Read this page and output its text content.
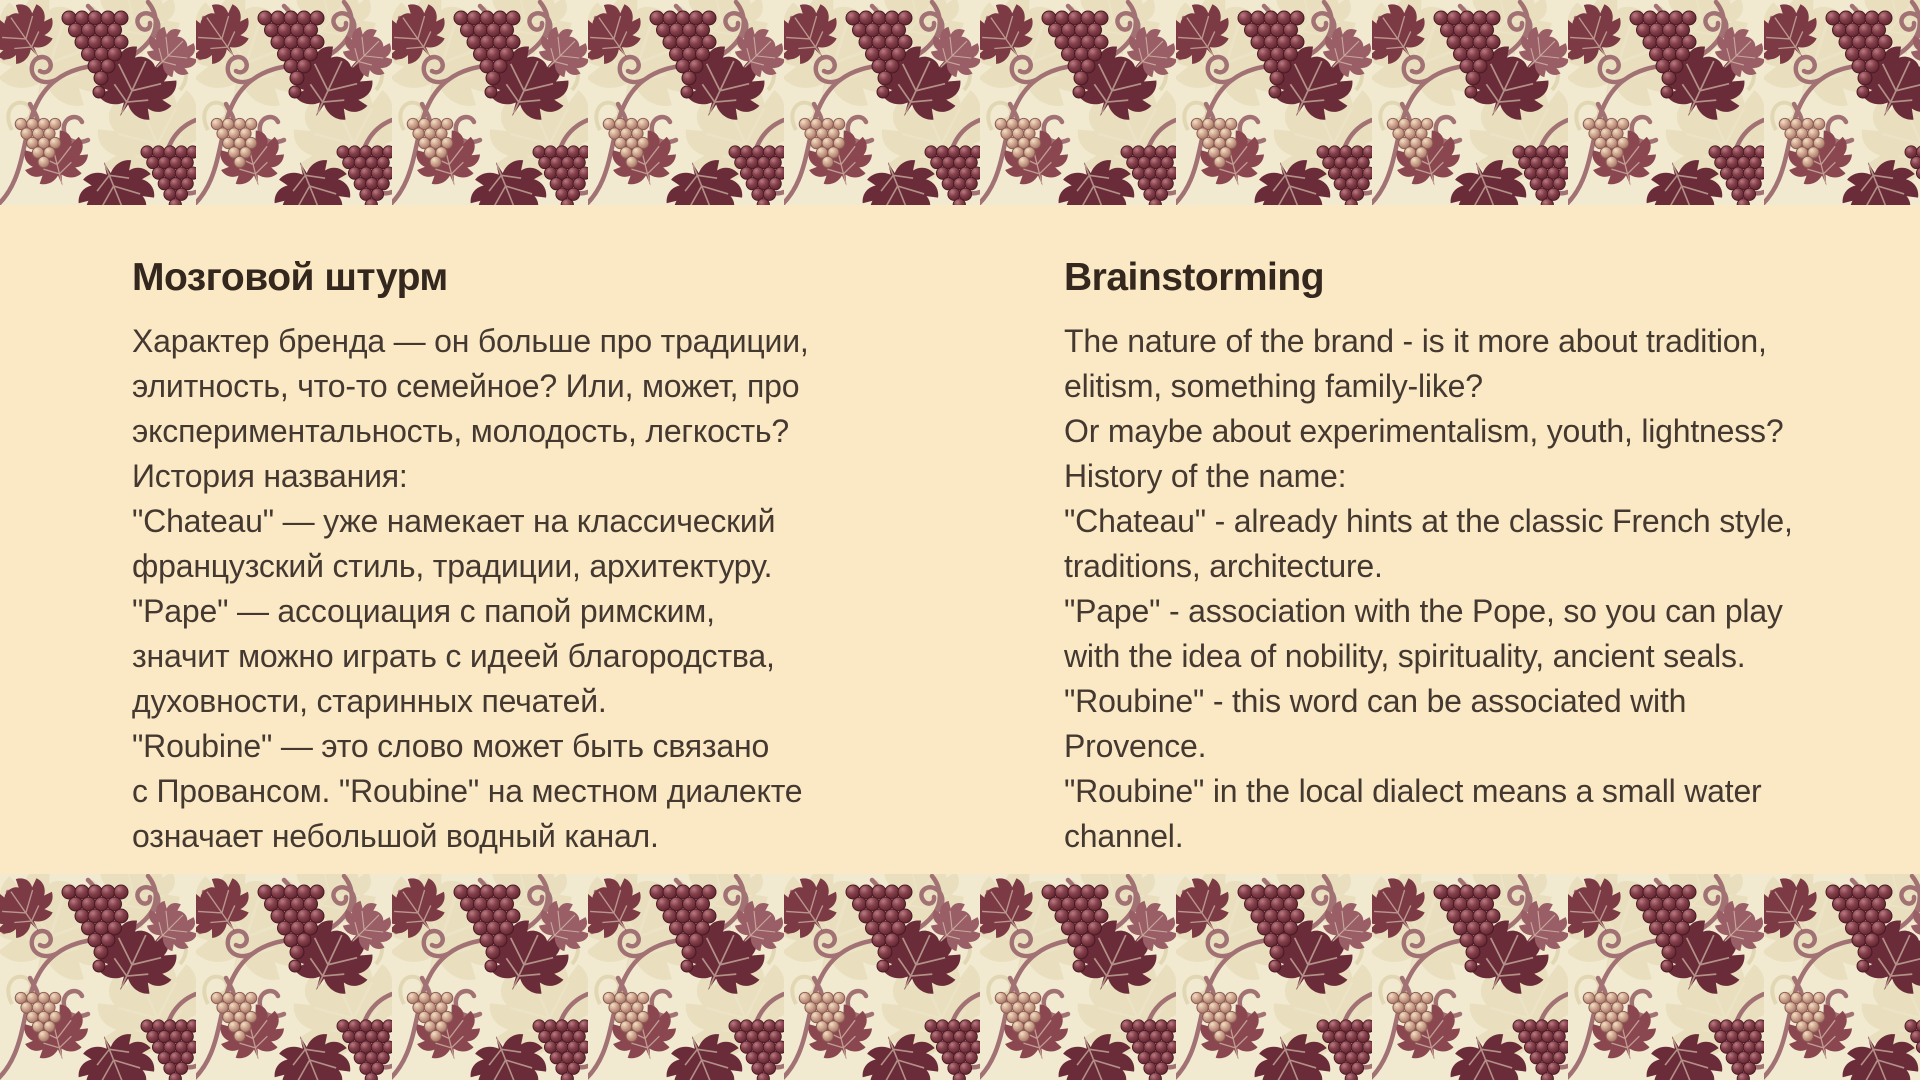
Мозговой штурм
Характер бренда — он больше про традиции,
элитность, что-то семейное? Или, может, про
экспериментальность, молодость, легкость?
История названия:
"Chateau" — уже намекает на классический
французский стиль, традиции, архитектуру.
"Pape" — ассоциация с папой римским,
значит можно играть с идеей благородства,
духовности, старинных печатей.
"Roubine" — это слово может быть связано
с Провансом. "Roubine" на местном диалекте
означает небольшой водный канал.
Brainstorming
The nature of the brand - is it more about tradition,
elitism, something family-like?
Or maybe about experimentalism, youth, lightness?
History of the name:
"Chateau" - already hints at the classic French style,
traditions, architecture.
"Pape" - association with the Pope, so you can play
with the idea of nobility, spirituality, ancient seals.
"Roubine" - this word can be associated with
Provence.
"Roubine" in the local dialect means a small water
channel.
